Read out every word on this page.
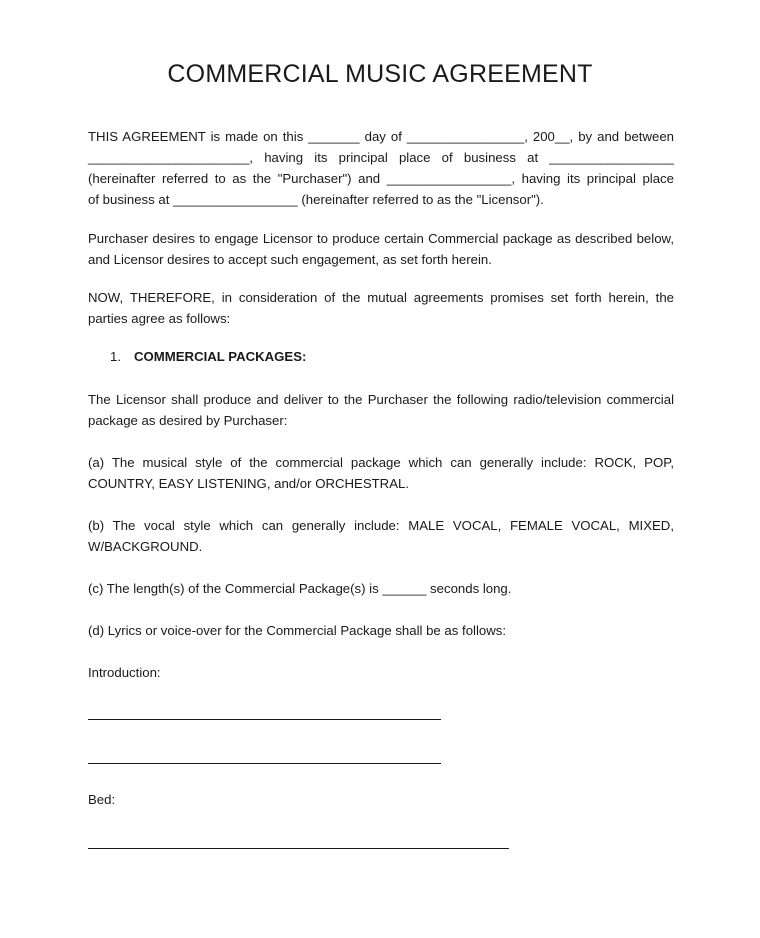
COMMERCIAL MUSIC AGREEMENT
THIS AGREEMENT is made on this _______ day of ________________, 200__, by and between
______________________, having its principal place of business at _________________
(hereinafter referred to as the "Purchaser") and _________________, having its principal place
of business at _________________ (hereinafter referred to as the "Licensor").
Purchaser desires to engage Licensor to produce certain Commercial package as described below, and Licensor desires to accept such engagement, as set forth herein.
NOW, THEREFORE, in consideration of the mutual agreements promises set forth herein, the parties agree as follows:
1. COMMERCIAL PACKAGES:
The Licensor shall produce and deliver to the Purchaser the following radio/television commercial package as desired by Purchaser:
(a) The musical style of the commercial package which can generally include: ROCK, POP, COUNTRY, EASY LISTENING, and/or ORCHESTRAL.
(b) The vocal style which can generally include: MALE VOCAL, FEMALE VOCAL, MIXED, W/BACKGROUND.
(c) The length(s) of the Commercial Package(s) is ______ seconds long.
(d) Lyrics or voice-over for the Commercial Package shall be as follows:
Introduction:
Bed:
